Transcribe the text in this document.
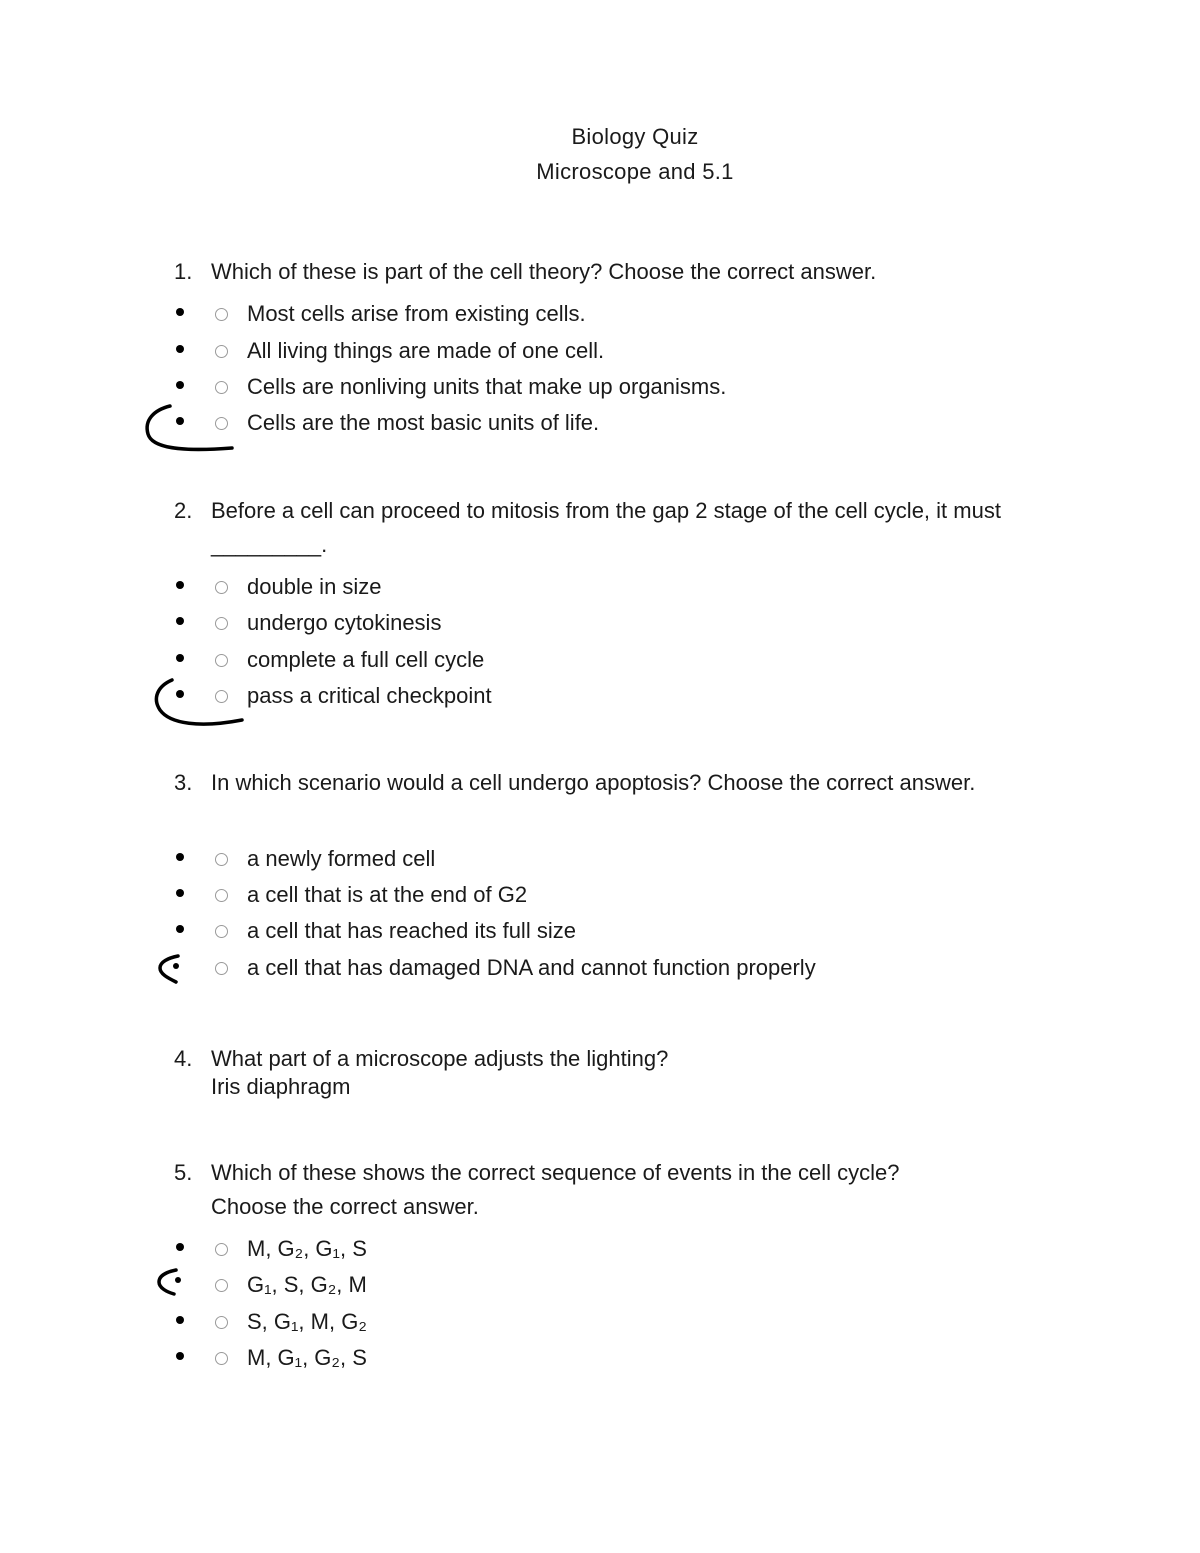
Biology Quiz
Microscope and 5.1
1. Which of these is part of the cell theory? Choose the correct answer.
Most cells arise from existing cells.
All living things are made of one cell.
Cells are nonliving units that make up organisms.
Cells are the most basic units of life.
2. Before a cell can proceed to mitosis from the gap 2 stage of the cell cycle, it must _________.
double in size
undergo cytokinesis
complete a full cell cycle
pass a critical checkpoint
3. In which scenario would a cell undergo apoptosis? Choose the correct answer.
a newly formed cell
a cell that is at the end of G2
a cell that has reached its full size
a cell that has damaged DNA and cannot function properly
4. What part of a microscope adjusts the lighting?
Iris diaphragm
5. Which of these shows the correct sequence of events in the cell cycle? Choose the correct answer.
M, G₂, G₁, S
G₁, S, G₂, M
S, G₁, M, G₂
M, G₁, G₂, S
